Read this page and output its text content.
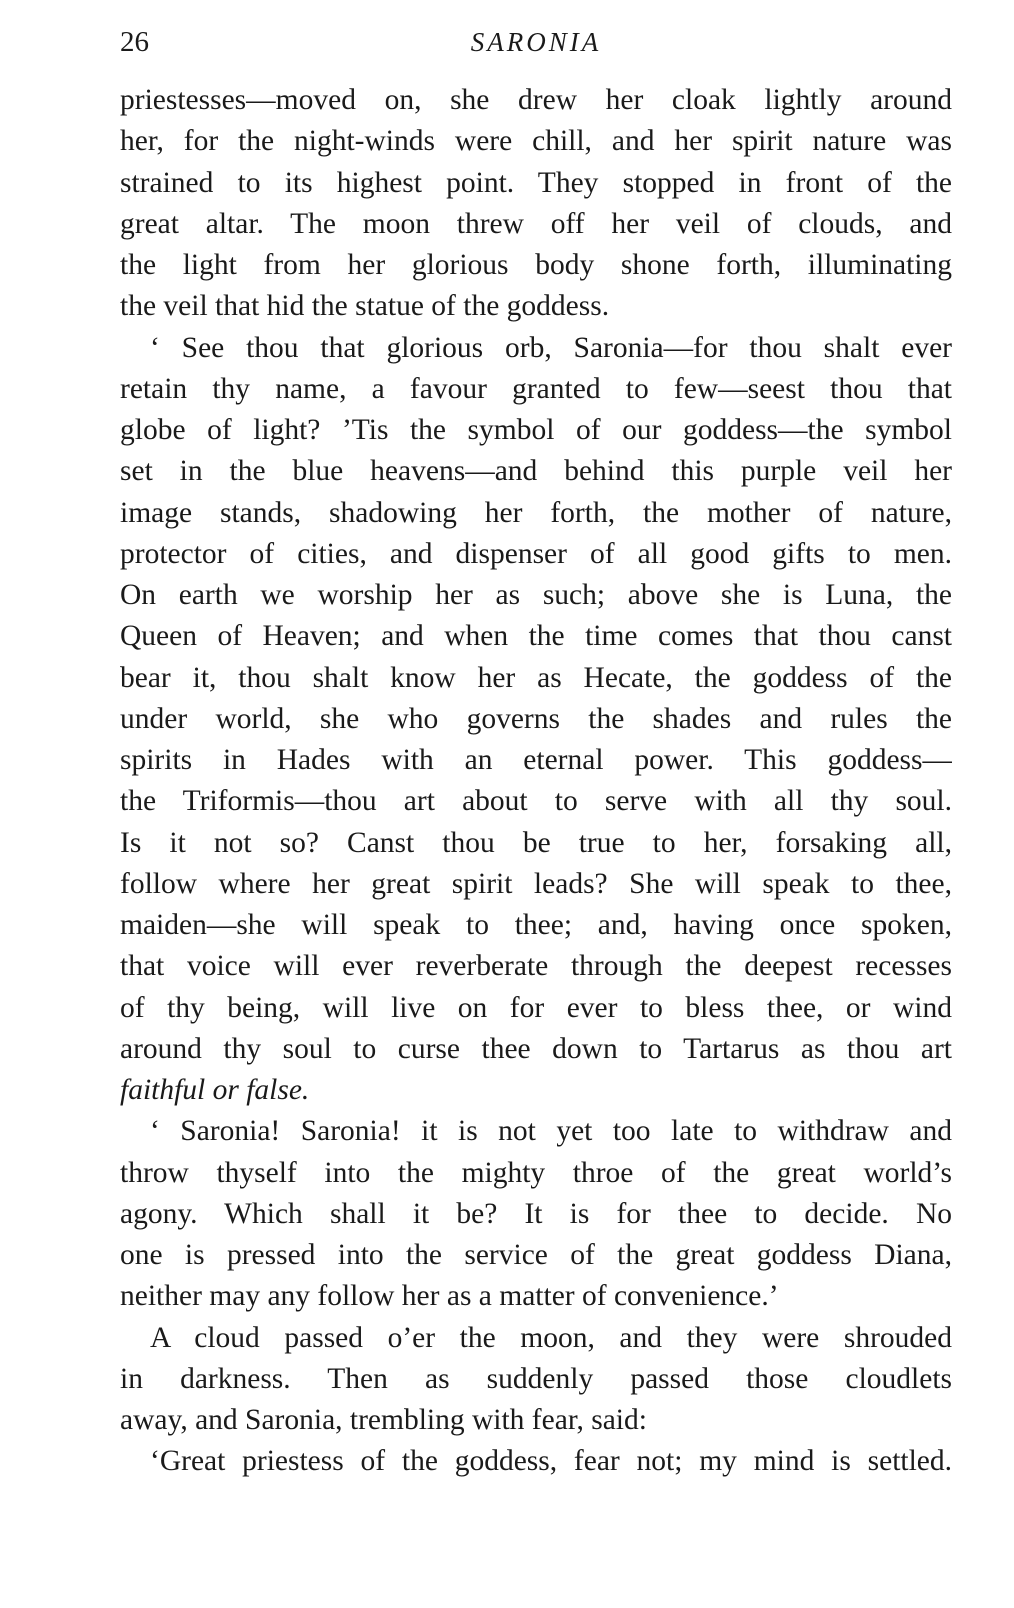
26	SARONIA
priestesses—moved on, she drew her cloak lightly around
her, for the night-winds were chill, and her spirit nature was
strained to its highest point. They stopped in front of the
great altar. The moon threw off her veil of clouds, and
the light from her glorious body shone forth, illuminating
the veil that hid the statue of the goddess.
‘ See thou that glorious orb, Saronia—for thou shalt ever
retain thy name, a favour granted to few—seest thou that
globe of light? ’Tis the symbol of our goddess—the symbol
set in the blue heavens—and behind this purple veil her
image stands, shadowing her forth, the mother of nature,
protector of cities, and dispenser of all good gifts to men.
On earth we worship her as such; above she is Luna, the
Queen of Heaven; and when the time comes that thou canst
bear it, thou shalt know her as Hecate, the goddess of the
under world, she who governs the shades and rules the
spirits in Hades with an eternal power. This goddess—
the Triformis—thou art about to serve with all thy soul.
Is it not so? Canst thou be true to her, forsaking all,
follow where her great spirit leads? She will speak to thee,
maiden—she will speak to thee; and, having once spoken,
that voice will ever reverberate through the deepest recesses
of thy being, will live on for ever to bless thee, or wind
around thy soul to curse thee down to Tartarus as thou art
faithful or false.
‘ Saronia! Saronia! it is not yet too late to withdraw and
throw thyself into the mighty throe of the great world’s
agony. Which shall it be? It is for thee to decide. No
one is pressed into the service of the great goddess Diana,
neither may any follow her as a matter of convenience.’
A cloud passed o’er the moon, and they were shrouded
in darkness. Then as suddenly passed those cloudlets
away, and Saronia, trembling with fear, said:
‘Great priestess of the goddess, fear not; my mind is settled.
